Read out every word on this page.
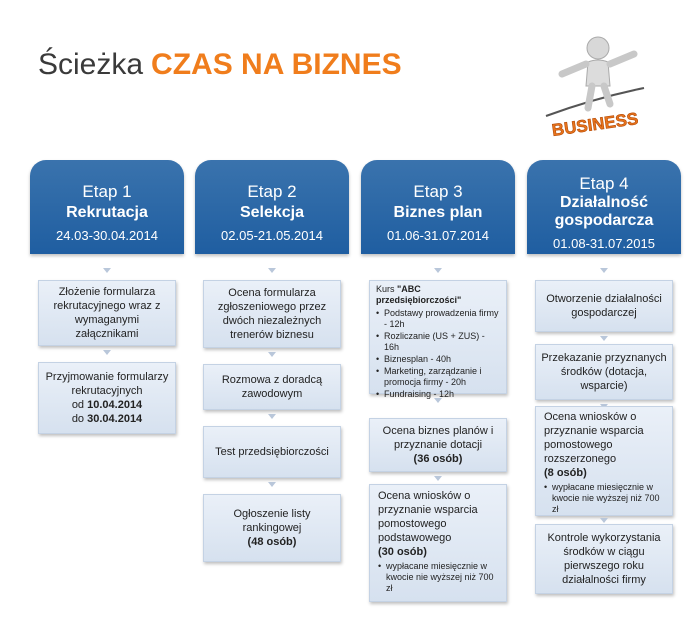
Ścieżka CZAS NA BIZNES
BUSINESS
Etap 1
Rekrutacja
24.03-30.04.2014
Złożenie formularza rekrutacyjnego wraz z wymaganymi załącznikami
Przyjmowanie formularzy rekrutacyjnych
od 10.04.2014
do 30.04.2014
Etap 2
Selekcja
02.05-21.05.2014
Ocena formularza zgłoszeniowego przez dwóch niezależnych trenerów biznesu
Rozmowa z doradcą zawodowym
Test przedsiębiorczości
Ogłoszenie listy rankingowej
(48 osób)
Etap 3
Biznes plan
01.06-31.07.2014
Kurs "ABC przedsiębiorczości"
• Podstawy prowadzenia firmy - 12h
• Rozliczanie (US + ZUS) - 16h
• Biznesplan - 40h
• Marketing, zarządzanie i promocja firmy - 20h
• Fundraising - 12h
Ocena biznes planów i przyznanie dotacji
(36 osób)
Ocena wniosków o przyznanie wsparcia pomostowego podstawowego
(30 osób)
• wypłacane miesięcznie w kwocie nie wyższej niż 700 zł
Etap 4
Działalność gospodarcza
01.08-31.07.2015
Otworzenie działalności gospodarczej
Przekazanie przyznanych środków (dotacja, wsparcie)
Ocena wniosków o przyznanie wsparcia pomostowego rozszerzonego
(8 osób)
• wypłacane miesięcznie w kwocie nie wyższej niż 700 zł
Kontrole wykorzystania środków w ciągu pierwszego roku działalności firmy
